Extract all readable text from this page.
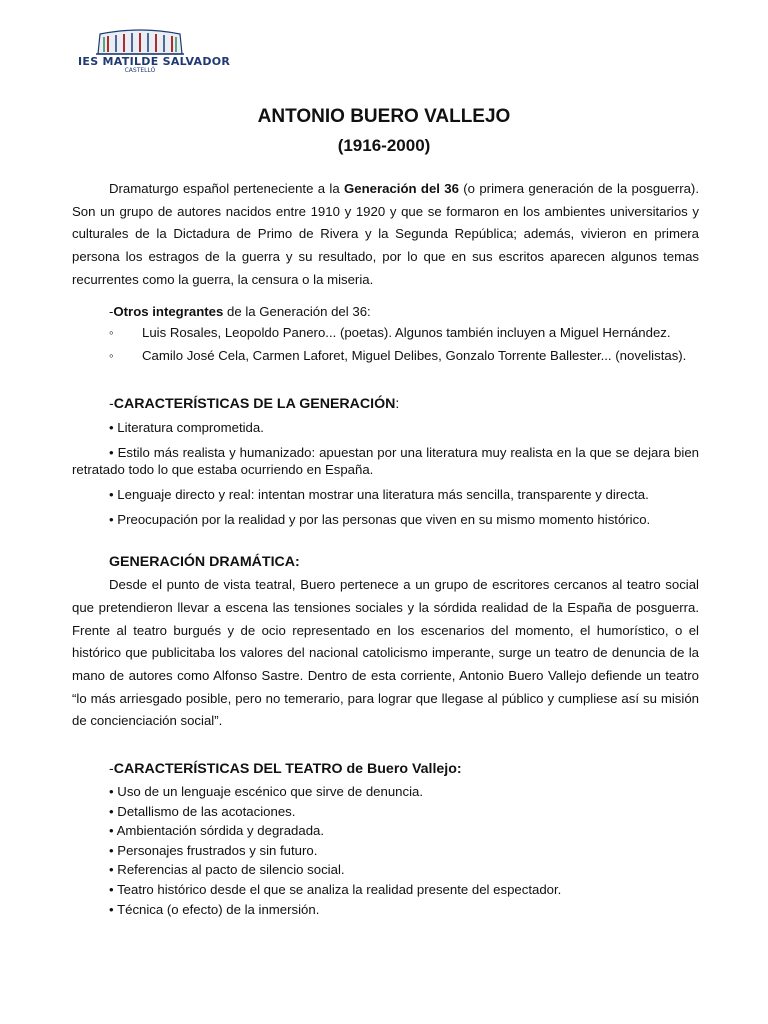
IES MATILDE SALVADOR
CASTELLÓ
ANTONIO BUERO VALLEJO
(1916-2000)

Dramaturgo español perteneciente a la Generación del 36 (o primera generación de la posguerra). Son un grupo de autores nacidos entre 1910 y 1920 y que se formaron en los ambientes universitarios y culturales de la Dictadura de Primo de Rivera y la Segunda República; además, vivieron en primera persona los estragos de la guerra y su resultado, por lo que en sus escritos aparecen algunos temas recurrentes como la guerra, la censura o la miseria.

-Otros integrantes de la Generación del 36:

◦ Luis Rosales, Leopoldo Panero... (poetas). Algunos también incluyen a Miguel Hernández.

◦ Camilo José Cela, Carmen Laforet, Miguel Delibes, Gonzalo Torrente Ballester... (novelistas).

-CARACTERÍSTICAS DE LA GENERACIÓN:

• Literatura comprometida.

• Estilo más realista y humanizado: apuestan por una literatura muy realista en la que se dejara bien retratado todo lo que estaba ocurriendo en España.

• Lenguaje directo y real: intentan mostrar una literatura más sencilla, transparente y directa.

• Preocupación por la realidad y por las personas que viven en su mismo momento histórico.

GENERACIÓN DRAMÁTICA:

Desde el punto de vista teatral, Buero pertenece a un grupo de escritores cercanos al teatro social que pretendieron llevar a escena las tensiones sociales y la sórdida realidad de la España de posguerra. Frente al teatro burgués y de ocio representado en los escenarios del momento, el humorístico, o el histórico que publicitaba los valores del nacional catolicismo imperante, surge un teatro de denuncia de la mano de autores como Alfonso Sastre. Dentro de esta corriente, Antonio Buero Vallejo defiende un teatro “lo más arriesgado posible, pero no temerario, para lograr que llegase al público y cumpliese así su misión de concienciación social”.

-CARACTERÍSTICAS DEL TEATRO de Buero Vallejo:

• Uso de un lenguaje escénico que sirve de denuncia.

• Detallismo de las acotaciones.

• Ambientación sórdida y degradada.

• Personajes frustrados y sin futuro.

• Referencias al pacto de silencio social.

• Teatro histórico desde el que se analiza la realidad presente del espectador.

• Técnica (o efecto) de la inmersión.
